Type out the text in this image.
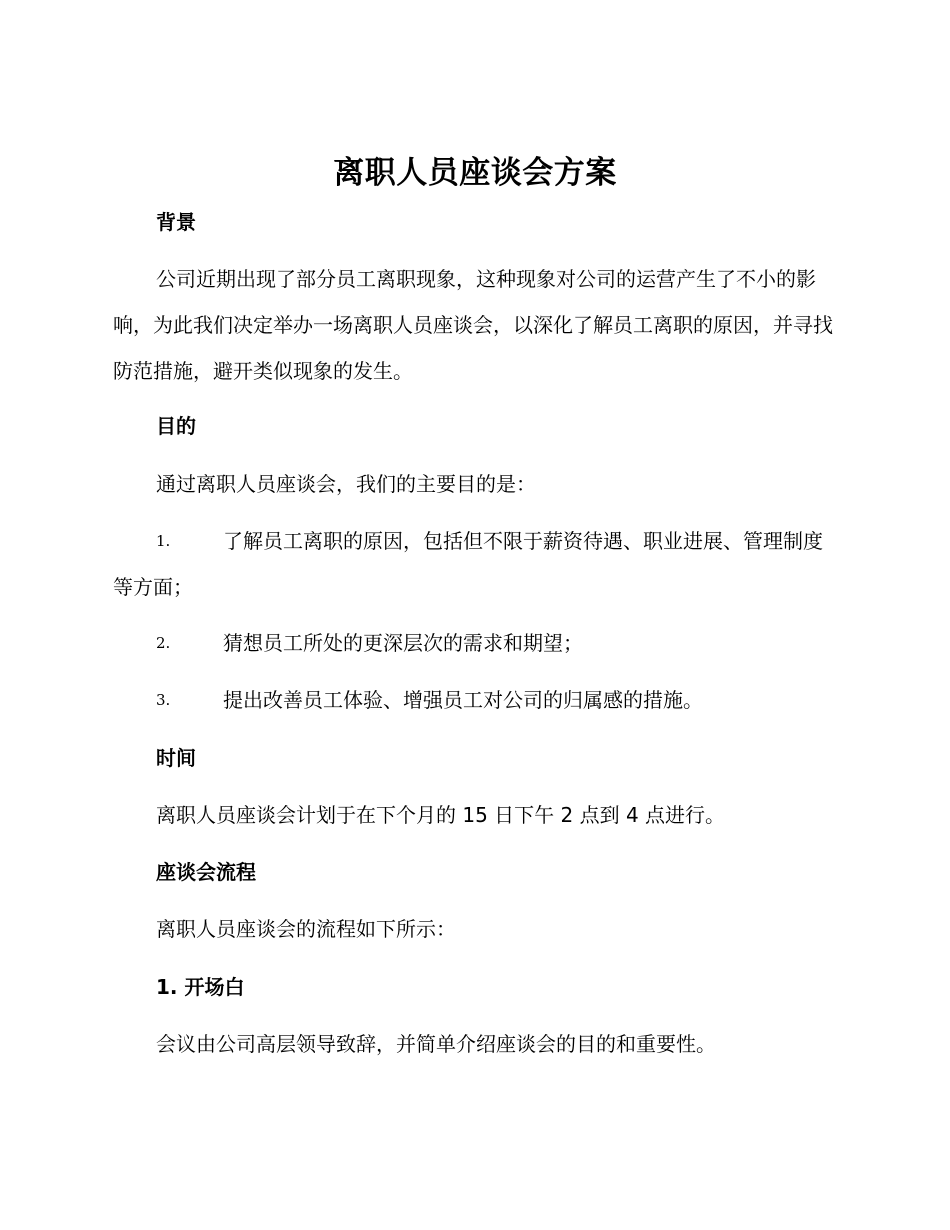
离职人员座谈会方案
背景

公司近期出现了部分员工离职现象，这种现象对公司的运营产生了不小的影响，为此我们决定举办一场离职人员座谈会，以深化了解员工离职的原因，并寻找防范措施，避开类似现象的发生。

目的
通过离职人员座谈会，我们的主要目的是：
1.	了解员工离职的原因，包括但不限于薪资待遇、职业进展、管理制度等方面；
2.	猜想员工所处的更深层次的需求和期望；
3.	提出改善员工体验、增强员工对公司的归属感的措施。
时间
离职人员座谈会计划于在下个月的 15 日下午 2 点到 4 点进行。
座谈会流程
离职人员座谈会的流程如下所示：
1. 开场白
会议由公司高层领导致辞，并简单介绍座谈会的目的和重要性。
